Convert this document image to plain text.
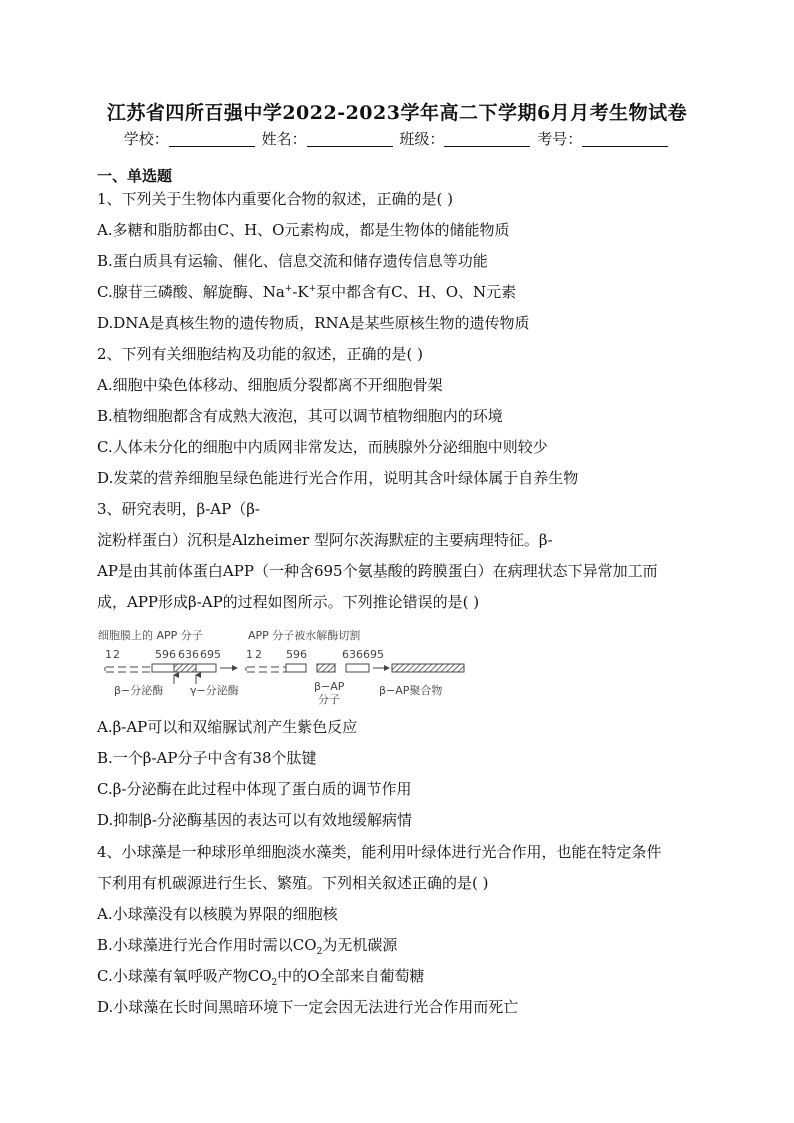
江苏省四所百强中学2022-2023学年高二下学期6月月考生物试卷
学校：	姓名：	班级：	考号：
一、单选题
1、下列关于生物体内重要化合物的叙述，正确的是( )
A.多糖和脂肪都由C、H、O元素构成，都是生物体的储能物质
B.蛋白质具有运输、催化、信息交流和储存遗传信息等功能
C.腺苷三磷酸、解旋酶、Na+-K+泵中都含有C、H、O、N元素
D.DNA是真核生物的遗传物质，RNA是某些原核生物的遗传物质
2、下列有关细胞结构及功能的叙述，正确的是( )
A.细胞中染色体移动、细胞质分裂都离不开细胞骨架
B.植物细胞都含有成熟大液泡，其可以调节植物细胞内的环境
C.人体未分化的细胞中内质网非常发达，而胰腺外分泌细胞中则较少
D.发菜的营养细胞呈绿色能进行光合作用，说明其含叶绿体属于自养生物
3、研究表明，β-AP（β-
淀粉样蛋白）沉积是Alzheimer 型阿尔茨海默症的主要病理特征。β-
AP是由其前体蛋白APP（一种含695个氨基酸的跨膜蛋白）在病理状态下异常加工而
成，APP形成β-AP的过程如图所示。下列推论错误的是( )
细胞膜上的 APP 分子	APP 分子被水解酶切割
1 2	596 636 695 1 2 596	636695
β−分泌酶 γ−分泌酶	β−AP
分子
β−AP聚合物
A.β-AP可以和双缩脲试剂产生紫色反应
B.一个β-AP分子中含有38个肽键
C.β-分泌酶在此过程中体现了蛋白质的调节作用
D.抑制β-分泌酶基因的表达可以有效地缓解病情
4、小球藻是一种球形单细胞淡水藻类，能利用叶绿体进行光合作用，也能在特定条件
下利用有机碳源进行生长、繁殖。下列相关叙述正确的是( )
A.小球藻没有以核膜为界限的细胞核
B.小球藻进行光合作用时需以$CO_2$为无机碳源
C.小球藻有氧呼吸产物$CO_2$中的O全部来自葡萄糖
D.小球藻在长时间黑暗环境下一定会因无法进行光合作用而死亡
